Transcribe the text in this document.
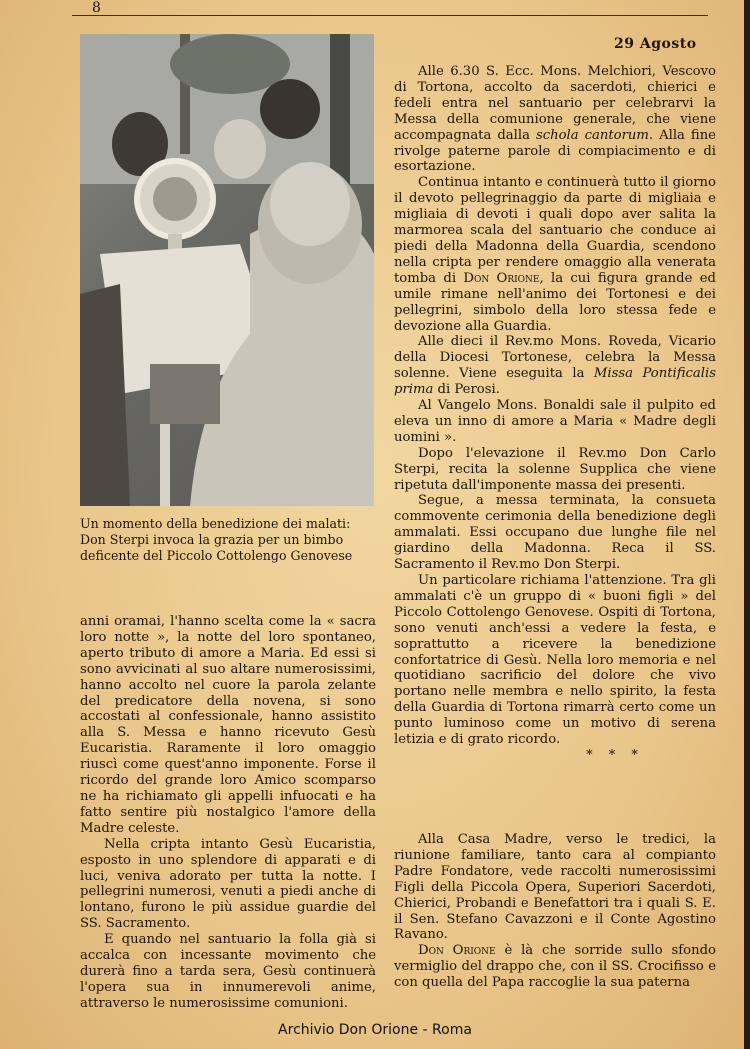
8
29 Agosto
Un momento della benedizione dei malati:
Don Sterpi invoca la grazia per un bimbo
deficente del Piccolo Cottolengo Genovese

anni oramai, l'hanno scelta come la « sacra loro notte », la notte del loro spontaneo, aperto tributo di amore a Maria. Ed essi si sono avvicinati al suo altare numerosissimi, hanno accolto nel cuore la parola zelante del predicatore della novena, si sono accostati al confessionale, hanno assistito alla S. Messa e hanno ricevuto Gesù Eucaristia. Raramente il loro omaggio riuscì come quest'anno imponente. Forse il ricordo del grande loro Amico scomparso ne ha richiamato gli appelli infuocati e ha fatto sentire più nostalgico l'amore della Madre celeste.

Nella cripta intanto Gesù Eucaristia, esposto in uno splendore di apparati e di luci, veniva adorato per tutta la notte. I pellegrini numerosi, venuti a piedi anche di lontano, furono le più assidue guardie del SS. Sacramento.

E quando nel santuario la folla già si accalca con incessante movimento che durerà fino a tarda sera, Gesù continuerà l'opera sua in innumerevoli anime, attraverso le numerosissime comunioni.

Alle 6.30 S. Ecc. Mons. Melchiori, Vescovo di Tortona, accolto da sacerdoti, chierici e fedeli entra nel santuario per celebrarvi la Messa della comunione generale, che viene accompagnata dalla schola cantorum. Alla fine rivolge paterne parole di compiacimento e di esortazione.

Continua intanto e continuerà tutto il giorno il devoto pellegrinaggio da parte di migliaia e migliaia di devoti i quali dopo aver salita la marmorea scala del santuario che conduce ai piedi della Madonna della Guardia, scendono nella cripta per rendere omaggio alla venerata tomba di Don Orione, la cui figura grande ed umile rimane nell'animo dei Tortonesi e dei pellegrini, simbolo della loro stessa fede e devozione alla Guardia.

Alle dieci il Rev.mo Mons. Roveda, Vicario della Diocesi Tortonese, celebra la Messa solenne. Viene eseguita la Missa Pontificalis prima di Perosi.

Al Vangelo Mons. Bonaldi sale il pulpito ed eleva un inno di amore a Maria « Madre degli uomini ».

Dopo l'elevazione il Rev.mo Don Carlo Sterpi, recita la solenne Supplica che viene ripetuta dall'imponente massa dei presenti.

Segue, a messa terminata, la consueta commovente cerimonia della benedizione degli ammalati. Essi occupano due lunghe file nel giardino della Madonna. Reca il SS. Sacramento il Rev.mo Don Sterpi.

Un particolare richiama l'attenzione. Tra gli ammalati c'è un gruppo di « buoni figli » del Piccolo Cottolengo Genovese. Ospiti di Tortona, sono venuti anch'essi a vedere la festa, e soprattutto a ricevere la benedizione confortatrice di Gesù. Nella loro memoria e nel quotidiano sacrificio del dolore che vivo portano nelle membra e nello spirito, la festa della Guardia di Tortona rimarrà certo come un punto luminoso come un motivo di serena letizia e di grato ricordo.

* * *

Alla Casa Madre, verso le tredici, la riunione familiare, tanto cara al compianto Padre Fondatore, vede raccolti numerosissimi Figli della Piccola Opera, Superiori Sacerdoti, Chierici, Probandi e Benefattori tra i quali S. E. il Sen. Stefano Cavazzoni e il Conte Agostino Ravano.

Don Orione è là che sorride sullo sfondo vermiglio del drappo che, con il SS. Crocifisso e con quella del Papa raccoglie la sua paterna

Archivio Don Orione - Roma
